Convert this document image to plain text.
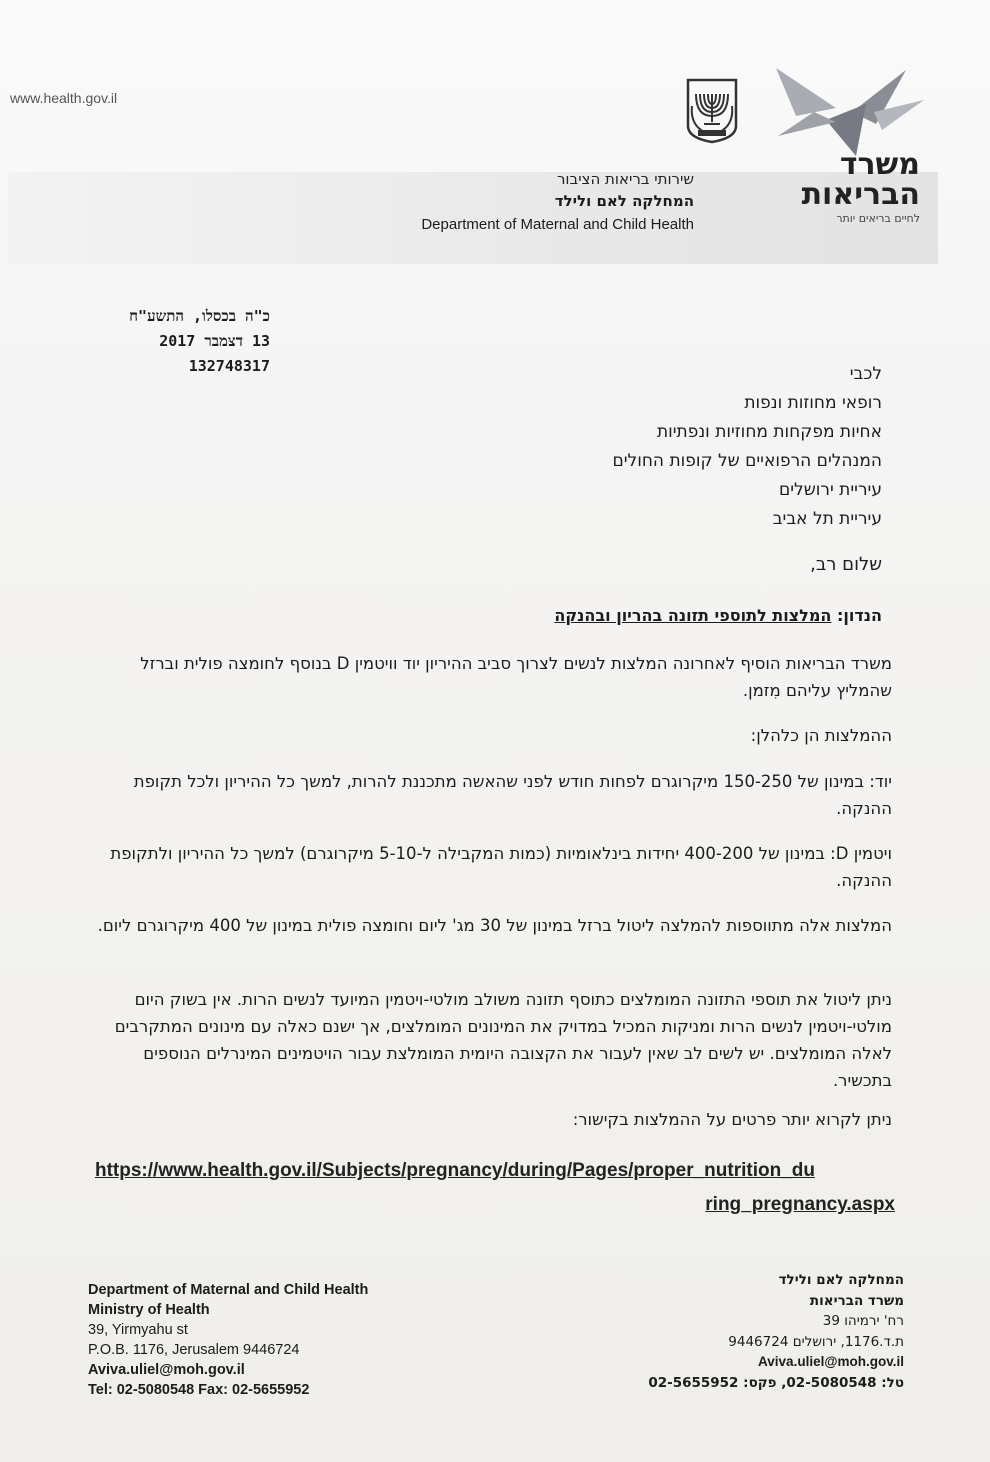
www.health.gov.il
משרד
הבריאות
לחיים בריאים יותר
שירותי בריאות הציבור
המחלקה לאם ולילד
Department of Maternal and Child Health
כ"ה בכסלו, התשע"ח
13 דצמבר 2017
132748317	לכבי
רופאי מחוזות ונפות
אחיות מפקחות מחוזיות ונפתיות
המנהלים הרפואיים של קופות החולים
עיריית ירושלים
עיריית תל אביב
שלום רב,
הנדון: המלצות לתוספי תזונה בהריון ובהנקה
משרד הבריאות הוסיף לאחרונה המלצות לנשים לצרוך סביב ההיריון יוד וויטמין D בנוסף לחומצה פולית וברזל שהמליץ עליהם מִזמן.
ההמלצות הן כלהלן:
יוד: במינון של 150-250 מיקרוגרם לפחות חודש לפני שהאשה מתכננת להרות, למשך כל ההיריון ולכל תקופת ההנקה.
ויטמין D: במינון של 400-200 יחידות בינלאומיות (כמות המקבילה ל-5-10 מיקרוגרם) למשך כל ההיריון ולתקופת ההנקה.
המלצות אלה מתווספות להמלצה ליטול ברזל במינון של 30 מג' ליום וחומצה פולית במינון של 400 מיקרוגרם ליום.
ניתן ליטול את תוספי התזונה המומלצים כתוסף תזונה משולב מולטי-ויטמין המיועד לנשים הרות. אין בשוק היום מולטי-ויטמין לנשים הרות ומניקות המכיל במדויק את המינונים המומלצים, אך ישנם כאלה עם מינונים המתקרבים לאלה המומלצים. יש לשים לב שאין לעבור את הקצובה היומית המומלצת עבור הויטמינים המינרלים הנוספים בתכשיר.
ניתן לקרוא יותר פרטים על ההמלצות בקישור:
https://www.health.gov.il/Subjects/pregnancy/during/Pages/proper_nutrition_du
ring_pregnancy.aspx
Department of Maternal and Child Health
Ministry of Health
39, Yirmyahu st
P.O.B. 1176, Jerusalem 9446724
Aviva.uliel@moh.gov.il
Tel: 02-5080548 Fax: 02-5655952
המחלקה לאם ולילד
משרד הבריאות
רח' ירמיהו 39
ת.ד.1176, ירושלים 9446724
Aviva.uliel@moh.gov.il
טל: 02-5080548, פקס: 02-5655952
